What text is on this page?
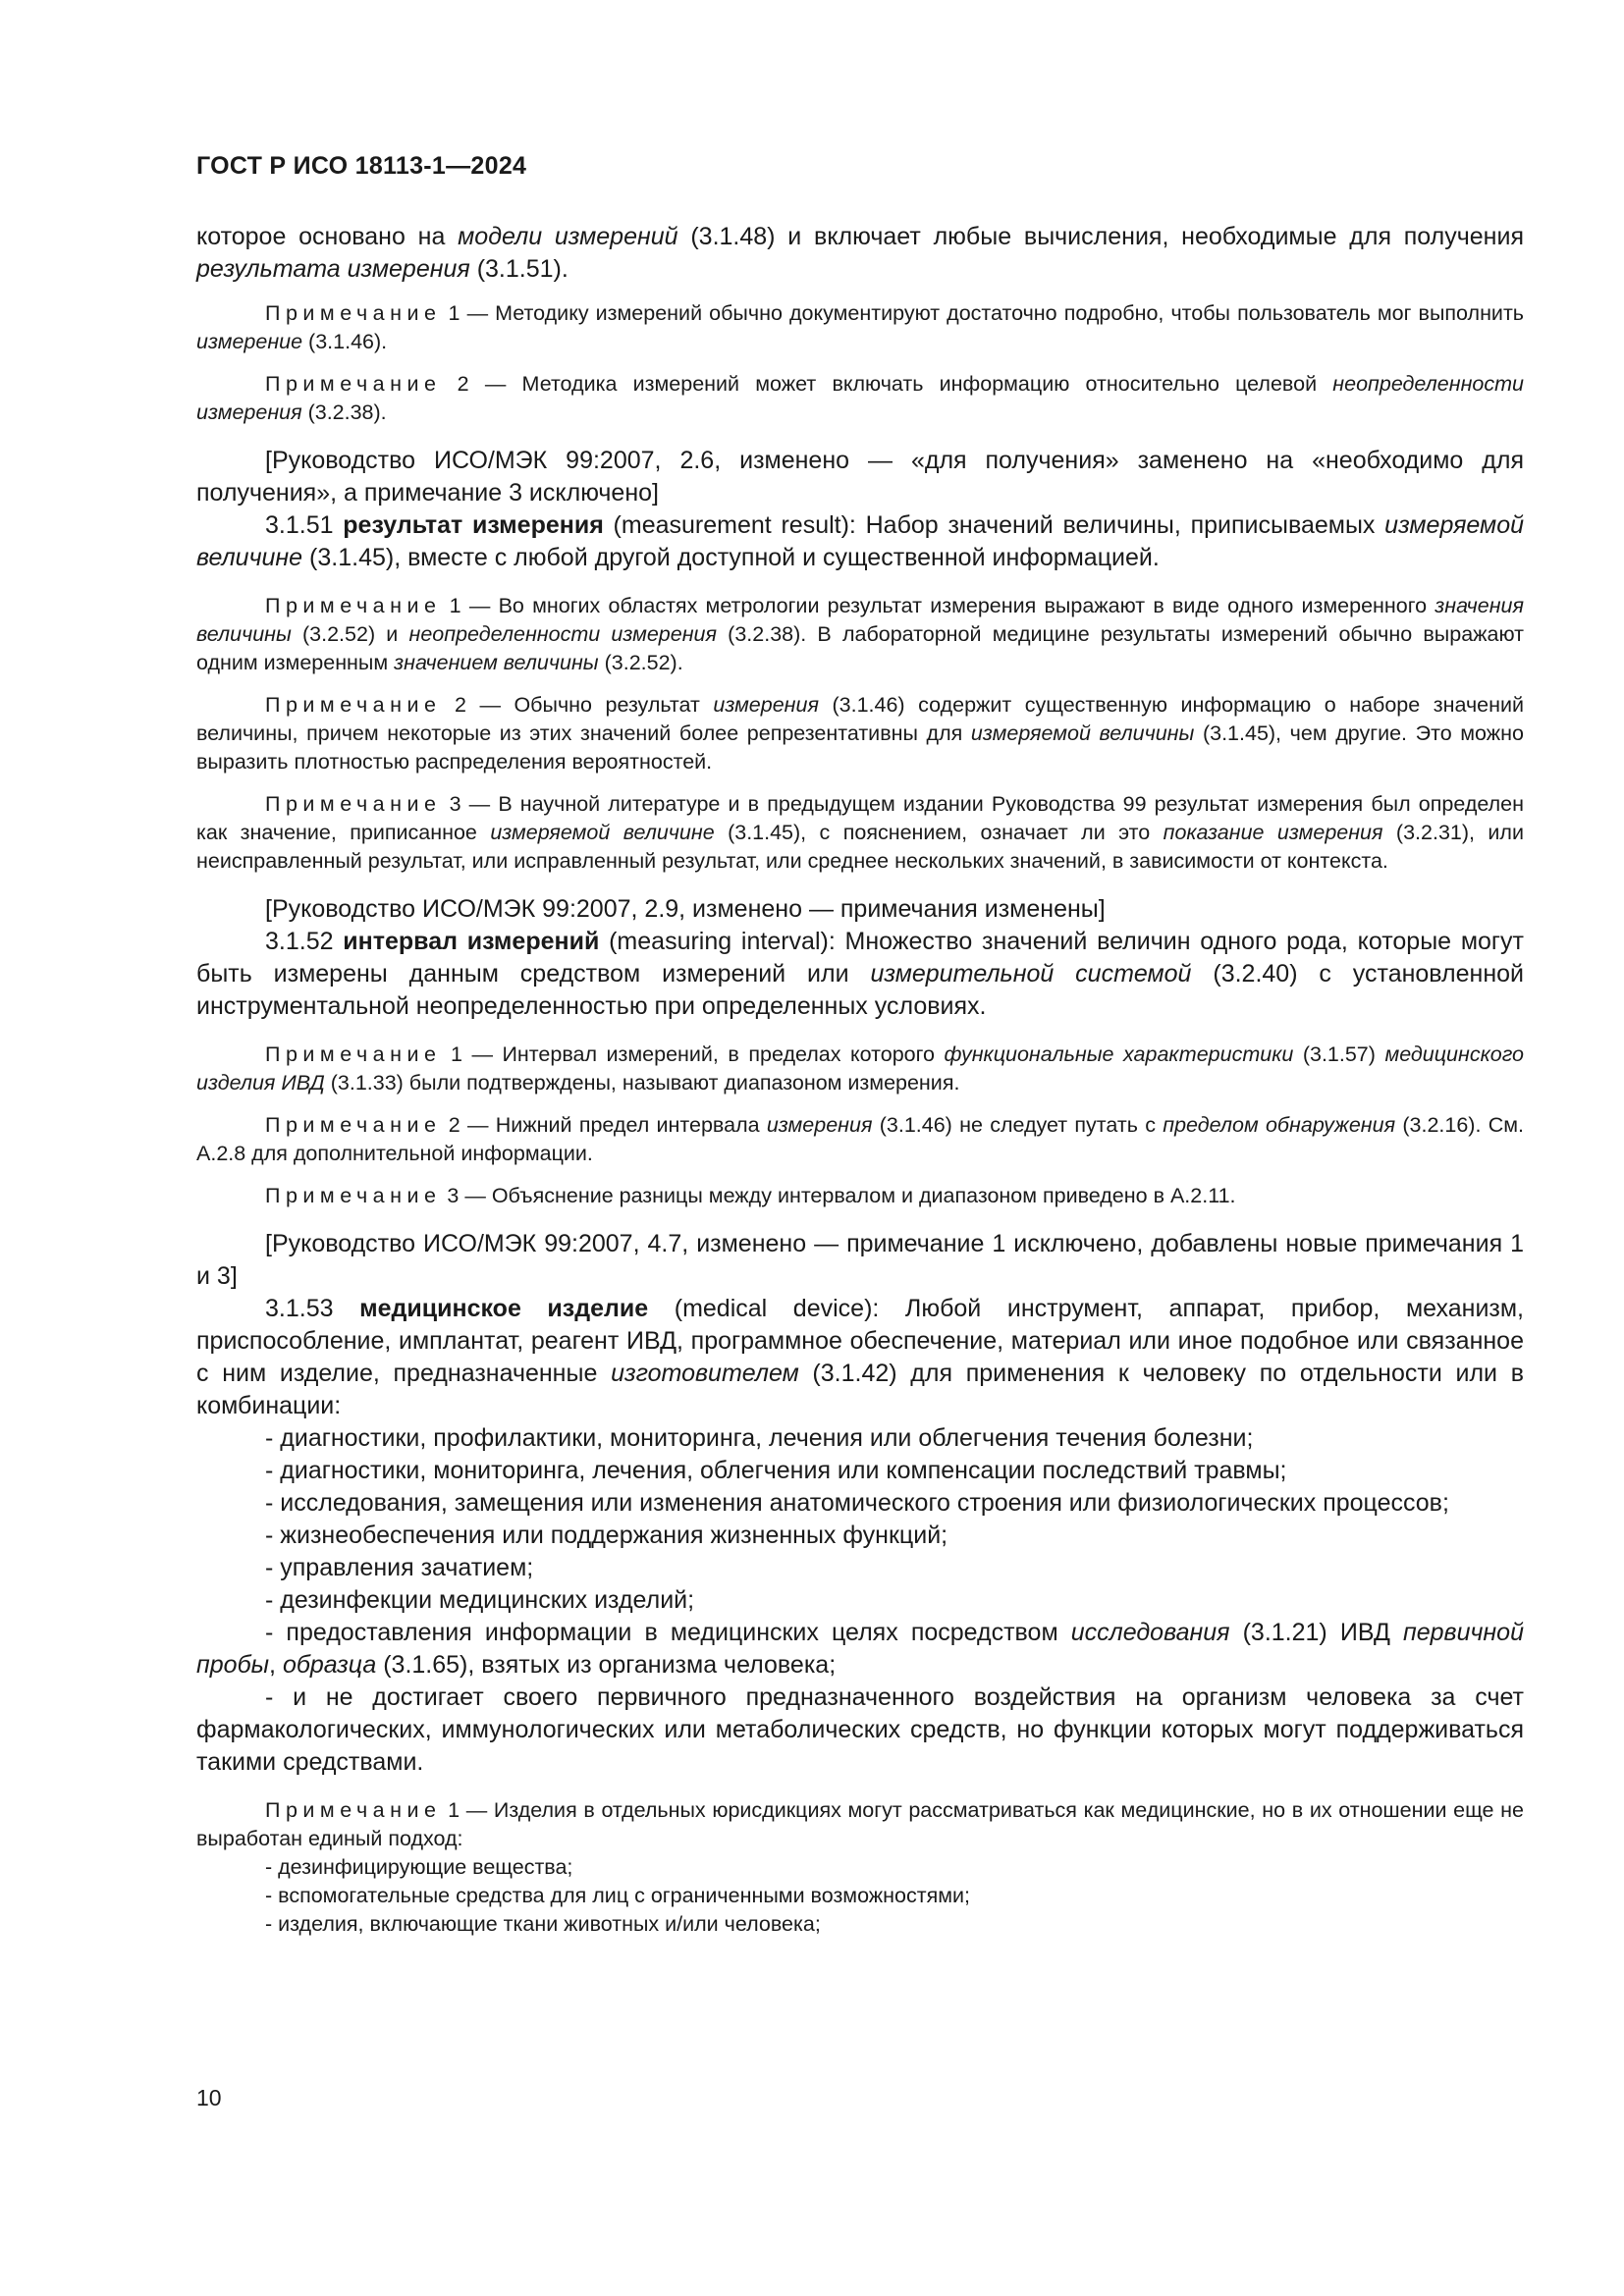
ГОСТ Р ИСО 18113-1—2024

которое основано на модели измерений (3.1.48) и включает любые вычисления, необходимые для получения результата измерения (3.1.51).

Примечание 1 — Методику измерений обычно документируют достаточно подробно, чтобы пользователь мог выполнить измерение (3.1.46).

Примечание 2 — Методика измерений может включать информацию относительно целевой неопределенности измерения (3.2.38).

[Руководство ИСО/МЭК 99:2007, 2.6, изменено — «для получения» заменено на «необходимо для получения», а примечание 3 исключено]

3.1.51 результат измерения (measurement result): Набор значений величины, приписываемых измеряемой величине (3.1.45), вместе с любой другой доступной и существенной информацией.

Примечание 1 — Во многих областях метрологии результат измерения выражают в виде одного измеренного значения величины (3.2.52) и неопределенности измерения (3.2.38). В лабораторной медицине результаты измерений обычно выражают одним измеренным значением величины (3.2.52).

Примечание 2 — Обычно результат измерения (3.1.46) содержит существенную информацию о наборе значений величины, причем некоторые из этих значений более репрезентативны для измеряемой величины (3.1.45), чем другие. Это можно выразить плотностью распределения вероятностей.

Примечание 3 — В научной литературе и в предыдущем издании Руководства 99 результат измерения был определен как значение, приписанное измеряемой величине (3.1.45), с пояснением, означает ли это показание измерения (3.2.31), или неисправленный результат, или исправленный результат, или среднее нескольких значений, в зависимости от контекста.

[Руководство ИСО/МЭК 99:2007, 2.9, изменено — примечания изменены]

3.1.52 интервал измерений (measuring interval): Множество значений величин одного рода, которые могут быть измерены данным средством измерений или измерительной системой (3.2.40) с установленной инструментальной неопределенностью при определенных условиях.

Примечание 1 — Интервал измерений, в пределах которого функциональные характеристики (3.1.57) медицинского изделия ИВД (3.1.33) были подтверждены, называют диапазоном измерения.

Примечание 2 — Нижний предел интервала измерения (3.1.46) не следует путать с пределом обнаружения (3.2.16). См. А.2.8 для дополнительной информации.

Примечание 3 — Объяснение разницы между интервалом и диапазоном приведено в А.2.11.

[Руководство ИСО/МЭК 99:2007, 4.7, изменено — примечание 1 исключено, добавлены новые примечания 1 и 3]

3.1.53 медицинское изделие (medical device): Любой инструмент, аппарат, прибор, механизм, приспособление, имплантат, реагент ИВД, программное обеспечение, материал или иное подобное или связанное с ним изделие, предназначенные изготовителем (3.1.42) для применения к человеку по отдельности или в комбинации:

- диагностики, профилактики, мониторинга, лечения или облегчения течения болезни;

- диагностики, мониторинга, лечения, облегчения или компенсации последствий травмы;

- исследования, замещения или изменения анатомического строения или физиологических процессов;

- жизнеобеспечения или поддержания жизненных функций;

- управления зачатием;

- дезинфекции медицинских изделий;

- предоставления информации в медицинских целях посредством исследования (3.1.21) ИВД первичной пробы, образца (3.1.65), взятых из организма человека;

- и не достигает своего первичного предназначенного воздействия на организм человека за счет фармакологических, иммунологических или метаболических средств, но функции которых могут поддерживаться такими средствами.

Примечание 1 — Изделия в отдельных юрисдикциях могут рассматриваться как медицинские, но в их отношении еще не выработан единый подход:

- дезинфицирующие вещества;

- вспомогательные средства для лиц с ограниченными возможностями;

- изделия, включающие ткани животных и/или человека;

10
